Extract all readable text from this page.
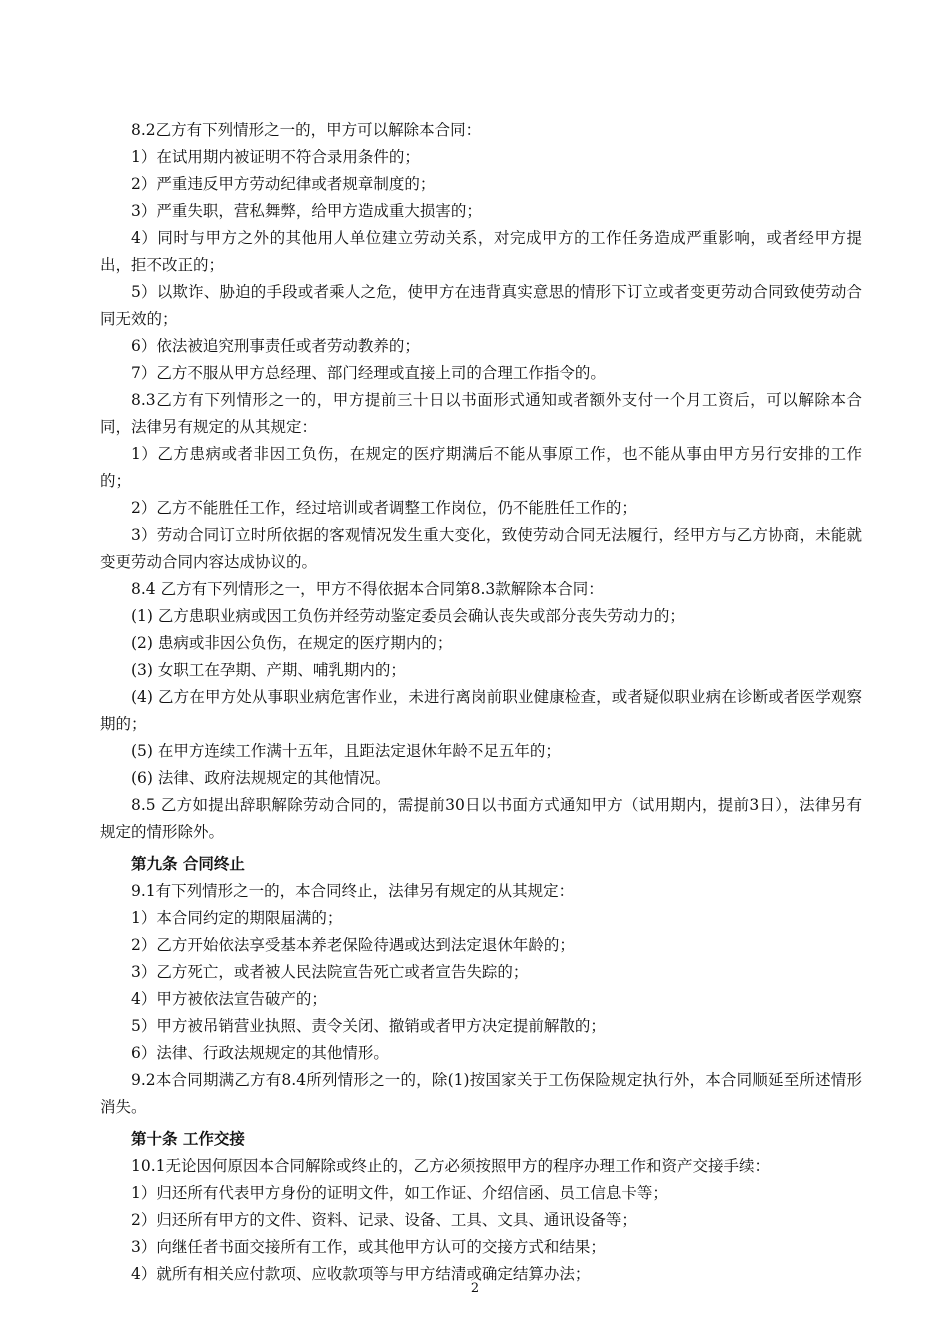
8.2乙方有下列情形之一的，甲方可以解除本合同：

1）在试用期内被证明不符合录用条件的；

2）严重违反甲方劳动纪律或者规章制度的；

3）严重失职，营私舞弊，给甲方造成重大损害的；

4）同时与甲方之外的其他用人单位建立劳动关系，对完成甲方的工作任务造成严重影响，或者经甲方提出，拒不改正的；

5）以欺诈、胁迫的手段或者乘人之危，使甲方在违背真实意思的情形下订立或者变更劳动合同致使劳动合同无效的；

6）依法被追究刑事责任或者劳动教养的；

7）乙方不服从甲方总经理、部门经理或直接上司的合理工作指令的。

8.3乙方有下列情形之一的，甲方提前三十日以书面形式通知或者额外支付一个月工资后，可以解除本合同，法律另有规定的从其规定：

1）乙方患病或者非因工负伤，在规定的医疗期满后不能从事原工作，也不能从事由甲方另行安排的工作的；

2）乙方不能胜任工作，经过培训或者调整工作岗位，仍不能胜任工作的；

3）劳动合同订立时所依据的客观情况发生重大变化，致使劳动合同无法履行，经甲方与乙方协商，未能就变更劳动合同内容达成协议的。

8.4 乙方有下列情形之一，甲方不得依据本合同第8.3款解除本合同：

(1) 乙方患职业病或因工负伤并经劳动鉴定委员会确认丧失或部分丧失劳动力的；

(2) 患病或非因公负伤，在规定的医疗期内的；

(3) 女职工在孕期、产期、哺乳期内的；

(4) 乙方在甲方处从事职业病危害作业，未进行离岗前职业健康检查，或者疑似职业病在诊断或者医学观察期的；

(5) 在甲方连续工作满十五年，且距法定退休年龄不足五年的；

(6) 法律、政府法规规定的其他情况。

8.5 乙方如提出辞职解除劳动合同的，需提前30日以书面方式通知甲方（试用期内，提前3日），法律另有规定的情形除外。

第九条 合同终止

9.1有下列情形之一的，本合同终止，法律另有规定的从其规定：

1）本合同约定的期限届满的；

2）乙方开始依法享受基本养老保险待遇或达到法定退休年龄的；

3）乙方死亡，或者被人民法院宣告死亡或者宣告失踪的；

4）甲方被依法宣告破产的；

5）甲方被吊销营业执照、责令关闭、撤销或者甲方决定提前解散的；

6）法律、行政法规规定的其他情形。

9.2本合同期满乙方有8.4所列情形之一的，除(1)按国家关于工伤保险规定执行外，本合同顺延至所述情形消失。

第十条 工作交接

10.1无论因何原因本合同解除或终止的，乙方必须按照甲方的程序办理工作和资产交接手续：

1）归还所有代表甲方身份的证明文件，如工作证、介绍信函、员工信息卡等；

2）归还所有甲方的文件、资料、记录、设备、工具、文具、通讯设备等；

3）向继任者书面交接所有工作，或其他甲方认可的交接方式和结果；

4）就所有相关应付款项、应收款项等与甲方结清或确定结算办法；

2
